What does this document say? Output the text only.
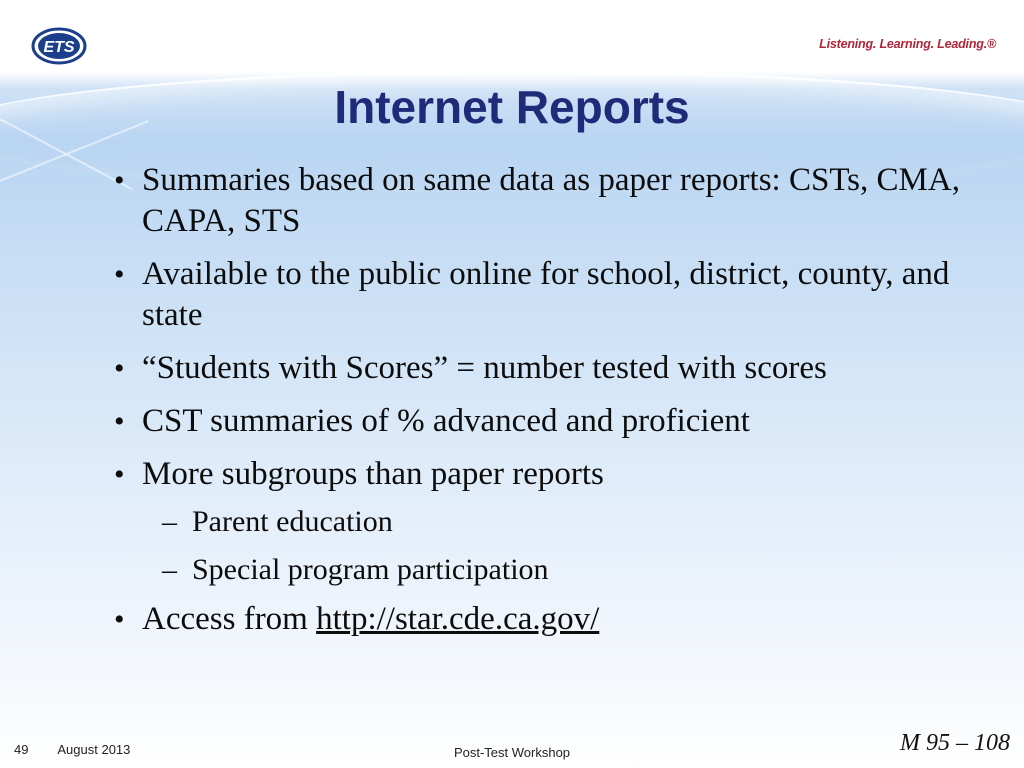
ETS	Listening. Learning. Leading.®
Internet Reports
• Summaries based on same data as paper reports: CSTs, CMA, CAPA, STS
• Available to the public online for school, district, county, and state
• “Students with Scores” = number tested with scores
• CST summaries of % advanced and proficient
• More subgroups than paper reports
– Parent education
– Special program participation
• Access from http://star.cde.ca.gov/
49 August 2013	Post-Test Workshop	M 95 – 108
